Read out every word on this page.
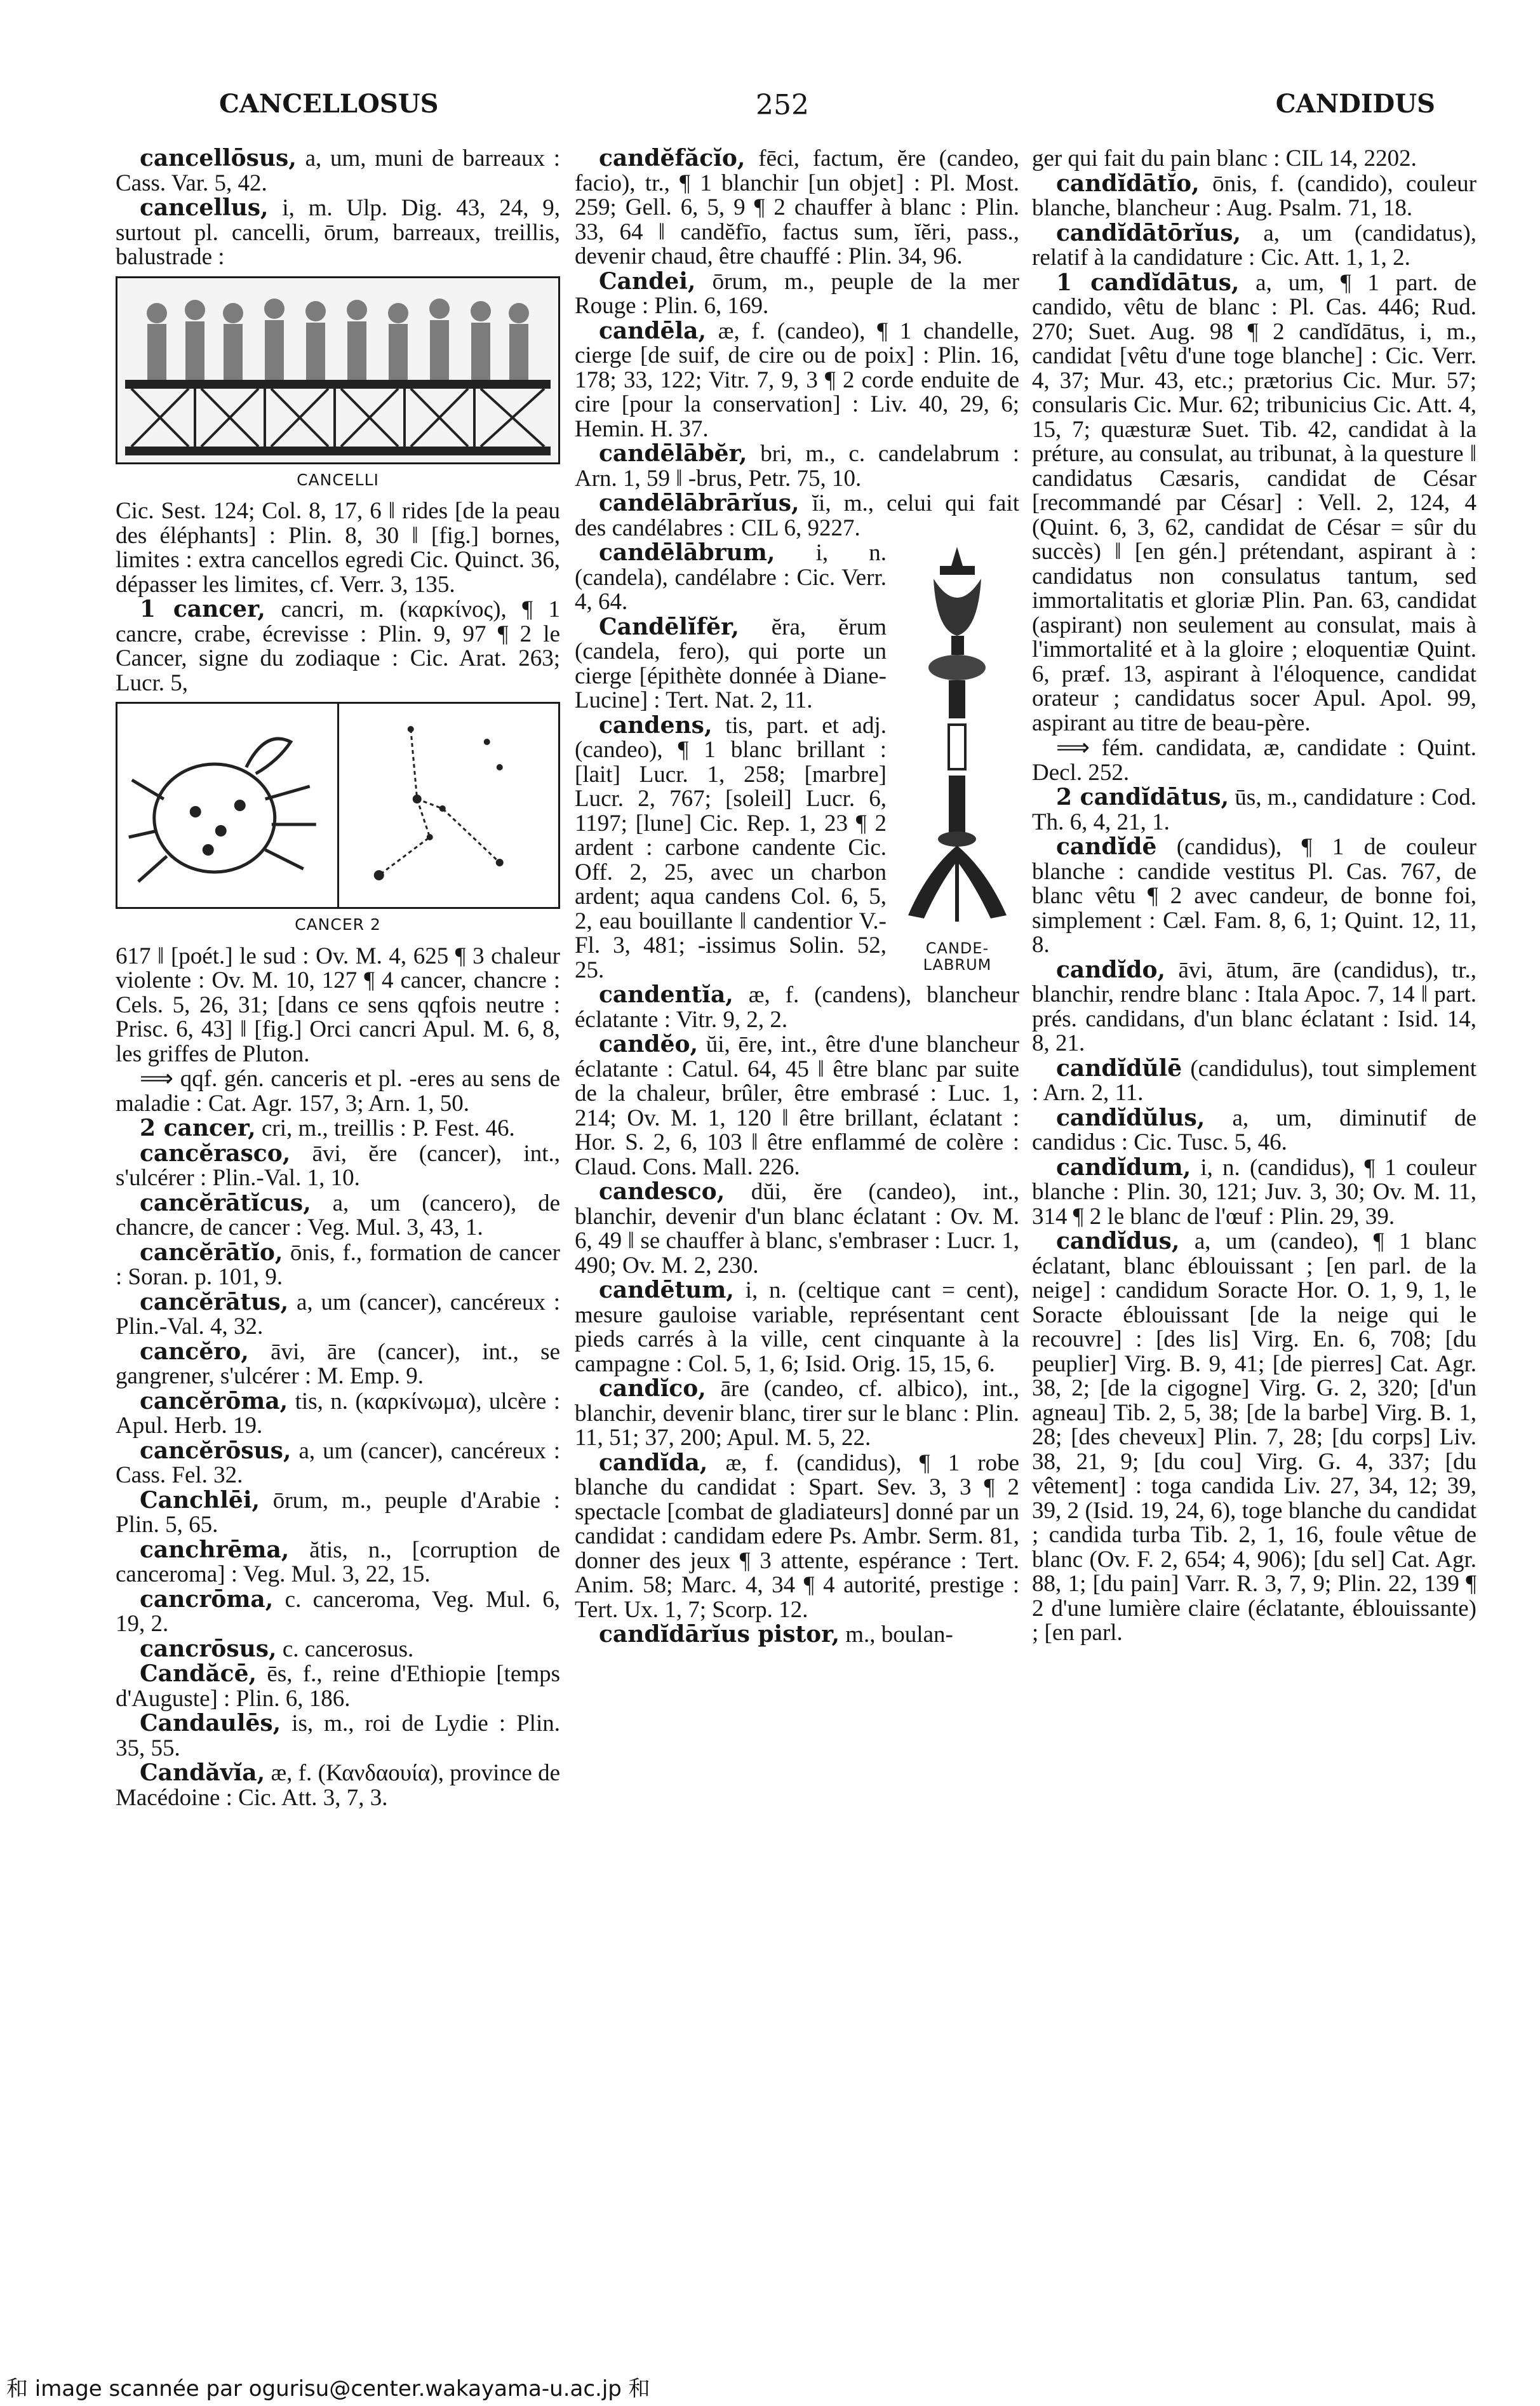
CANCELLOSUS	252	CANDIDUS

cancellōsus, a, um, muni de barreaux : Cass. Var. 5, 42.

cancellus, i, m. Ulp. Dig. 43, 24, 9, surtout pl. cancelli, ōrum, barreaux, treillis, balustrade :

CANCELLI

Cic. Sest. 124; Col. 8, 17, 6 ‖ rides [de la peau des éléphants] : Plin. 8, 30 ‖ [fig.] bornes, limites : extra cancellos egredi Cic. Quinct. 36, dépasser les limites, cf. Verr. 3, 135.

1 cancer, cancri, m. (καρκίνος), ¶ 1 cancre, crabe, écrevisse : Plin. 9, 97 ¶ 2 le Cancer, signe du zodiaque : Cic. Arat. 263; Lucr. 5,

CANCER 2

617 ‖ [poét.] le sud : Ov. M. 4, 625 ¶ 3 chaleur violente : Ov. M. 10, 127 ¶ 4 cancer, chancre : Cels. 5, 26, 31; [dans ce sens qqfois neutre : Prisc. 6, 43] ‖ [fig.] Orci cancri Apul. M. 6, 8, les griffes de Pluton.

⟹ qqf. gén. canceris et pl. -eres au sens de maladie : Cat. Agr. 157, 3; Arn. 1, 50.

2 cancer, cri, m., treillis : P. Fest. 46.

cancĕrasco, āvi, ĕre (cancer), int., s'ulcérer : Plin.-Val. 1, 10.

cancĕrātĭcus, a, um (cancero), de chancre, de cancer : Veg. Mul. 3, 43, 1.

cancĕrātĭo, ōnis, f., formation de cancer : Soran. p. 101, 9.

cancĕrātus, a, um (cancer), cancéreux : Plin.-Val. 4, 32.

cancĕro, āvi, āre (cancer), int., se gangrener, s'ulcérer : M. Emp. 9.

cancĕrōma, tis, n. (καρκίνωμα), ulcère : Apul. Herb. 19.

cancĕrōsus, a, um (cancer), cancéreux : Cass. Fel. 32.

Canchlēi, ōrum, m., peuple d'Arabie : Plin. 5, 65.

canchrēma, ătis, n., [corruption de canceroma] : Veg. Mul. 3, 22, 15.

cancrōma, c. canceroma, Veg. Mul. 6, 19, 2.

cancrōsus, c. cancerosus.

Candăcē, ēs, f., reine d'Ethiopie [temps d'Auguste] : Plin. 6, 186.

Candaulēs, is, m., roi de Lydie : Plin. 35, 55.

Candăvĭa, æ, f. (Κανδαουία), province de Macédoine : Cic. Att. 3, 7, 3.

candĕfăcĭo, fēci, factum, ĕre (candeo, facio), tr., ¶ 1 blanchir [un objet] : Pl. Most. 259; Gell. 6, 5, 9 ¶ 2 chauffer à blanc : Plin. 33, 64 ‖ candĕfīo, factus sum, ĭĕri, pass., devenir chaud, être chauffé : Plin. 34, 96.

Candei, ōrum, m., peuple de la mer Rouge : Plin. 6, 169.

candēla, æ, f. (candeo), ¶ 1 chandelle, cierge [de suif, de cire ou de poix] : Plin. 16, 178; 33, 122; Vitr. 7, 9, 3 ¶ 2 corde enduite de cire [pour la conservation] : Liv. 40, 29, 6; Hemin. H. 37.

candēlābĕr, bri, m., c. candelabrum : Arn. 1, 59 ‖ -brus, Petr. 75, 10.

candēlābrārĭus, ĭi, m., celui qui fait des candélabres : CIL 6, 9227.

CANDE-LABRUM

candēlābrum, i, n. (candela), candélabre : Cic. Verr. 4, 64.

Candēlĭfĕr, ĕra, ĕrum (candela, fero), qui porte un cierge [épithète donnée à Diane-Lucine] : Tert. Nat. 2, 11.

candens, tis, part. et adj. (candeo), ¶ 1 blanc brillant : [lait] Lucr. 1, 258; [marbre] Lucr. 2, 767; [soleil] Lucr. 6, 1197; [lune] Cic. Rep. 1, 23 ¶ 2 ardent : carbone candente Cic. Off. 2, 25, avec un charbon ardent; aqua candens Col. 6, 5, 2, eau bouillante ‖ candentior V.-Fl. 3, 481; -issimus Solin. 52, 25.

candentĭa, æ, f. (candens), blancheur éclatante : Vitr. 9, 2, 2.

candĕo, ŭi, ēre, int., être d'une blancheur éclatante : Catul. 64, 45 ‖ être blanc par suite de la chaleur, brûler, être embrasé : Luc. 1, 214; Ov. M. 1, 120 ‖ être brillant, éclatant : Hor. S. 2, 6, 103 ‖ être enflammé de colère : Claud. Cons. Mall. 226.

candesco, dŭi, ĕre (candeo), int., blanchir, devenir d'un blanc éclatant : Ov. M. 6, 49 ‖ se chauffer à blanc, s'embraser : Lucr. 1, 490; Ov. M. 2, 230.

candētum, i, n. (celtique cant = cent), mesure gauloise variable, représentant cent pieds carrés à la ville, cent cinquante à la campagne : Col. 5, 1, 6; Isid. Orig. 15, 15, 6.

candĭco, āre (candeo, cf. albico), int., blanchir, devenir blanc, tirer sur le blanc : Plin. 11, 51; 37, 200; Apul. M. 5, 22.

candĭda, æ, f. (candidus), ¶ 1 robe blanche du candidat : Spart. Sev. 3, 3 ¶ 2 spectacle [combat de gladiateurs] donné par un candidat : candidam edere Ps. Ambr. Serm. 81, donner des jeux ¶ 3 attente, espérance : Tert. Anim. 58; Marc. 4, 34 ¶ 4 autorité, prestige : Tert. Ux. 1, 7; Scorp. 12.

candĭdārĭus pistor, m., boulan-

ger qui fait du pain blanc : CIL 14, 2202.

candĭdātĭo, ōnis, f. (candido), couleur blanche, blancheur : Aug. Psalm. 71, 18.

candĭdātōrĭus, a, um (candidatus), relatif à la candidature : Cic. Att. 1, 1, 2.

1 candĭdātus, a, um, ¶ 1 part. de candido, vêtu de blanc : Pl. Cas. 446; Rud. 270; Suet. Aug. 98 ¶ 2 candĭdātus, i, m., candidat [vêtu d'une toge blanche] : Cic. Verr. 4, 37; Mur. 43, etc.; prætorius Cic. Mur. 57; consularis Cic. Mur. 62; tribunicius Cic. Att. 4, 15, 7; quæsturæ Suet. Tib. 42, candidat à la préture, au consulat, au tribunat, à la questure ‖ candidatus Cæsaris, candidat de César [recommandé par César] : Vell. 2, 124, 4 (Quint. 6, 3, 62, candidat de César = sûr du succès) ‖ [en gén.] prétendant, aspirant à : candidatus non consulatus tantum, sed immortalitatis et gloriæ Plin. Pan. 63, candidat (aspirant) non seulement au consulat, mais à l'immortalité et à la gloire ; eloquentiæ Quint. 6, præf. 13, aspirant à l'éloquence, candidat orateur ; candidatus socer Apul. Apol. 99, aspirant au titre de beau-père.

⟹ fém. candidata, æ, candidate : Quint. Decl. 252.

2 candĭdātus, ūs, m., candidature : Cod. Th. 6, 4, 21, 1.

candĭdē (candidus), ¶ 1 de couleur blanche : candide vestitus Pl. Cas. 767, de blanc vêtu ¶ 2 avec candeur, de bonne foi, simplement : Cæl. Fam. 8, 6, 1; Quint. 12, 11, 8.

candĭdo, āvi, ātum, āre (candidus), tr., blanchir, rendre blanc : Itala Apoc. 7, 14 ‖ part. prés. candidans, d'un blanc éclatant : Isid. 14, 8, 21.

candĭdŭlē (candidulus), tout simplement : Arn. 2, 11.

candĭdŭlus, a, um, diminutif de candidus : Cic. Tusc. 5, 46.

candĭdum, i, n. (candidus), ¶ 1 couleur blanche : Plin. 30, 121; Juv. 3, 30; Ov. M. 11, 314 ¶ 2 le blanc de l'œuf : Plin. 29, 39.

candĭdus, a, um (candeo), ¶ 1 blanc éclatant, blanc éblouissant ; [en parl. de la neige] : candidum Soracte Hor. O. 1, 9, 1, le Soracte éblouissant [de la neige qui le recouvre] : [des lis] Virg. En. 6, 708; [du peuplier] Virg. B. 9, 41; [de pierres] Cat. Agr. 38, 2; [de la cigogne] Virg. G. 2, 320; [d'un agneau] Tib. 2, 5, 38; [de la barbe] Virg. B. 1, 28; [des cheveux] Plin. 7, 28; [du corps] Liv. 38, 21, 9; [du cou] Virg. G. 4, 337; [du vêtement] : toga candida Liv. 27, 34, 12; 39, 39, 2 (Isid. 19, 24, 6), toge blanche du candidat ; candida turba Tib. 2, 1, 16, foule vêtue de blanc (Ov. F. 2, 654; 4, 906); [du sel] Cat. Agr. 88, 1; [du pain] Varr. R. 3, 7, 9; Plin. 22, 139 ¶ 2 d'une lumière claire (éclatante, éblouissante) ; [en parl.

和 image scannée par ogurisu@center.wakayama-u.ac.jp 和
